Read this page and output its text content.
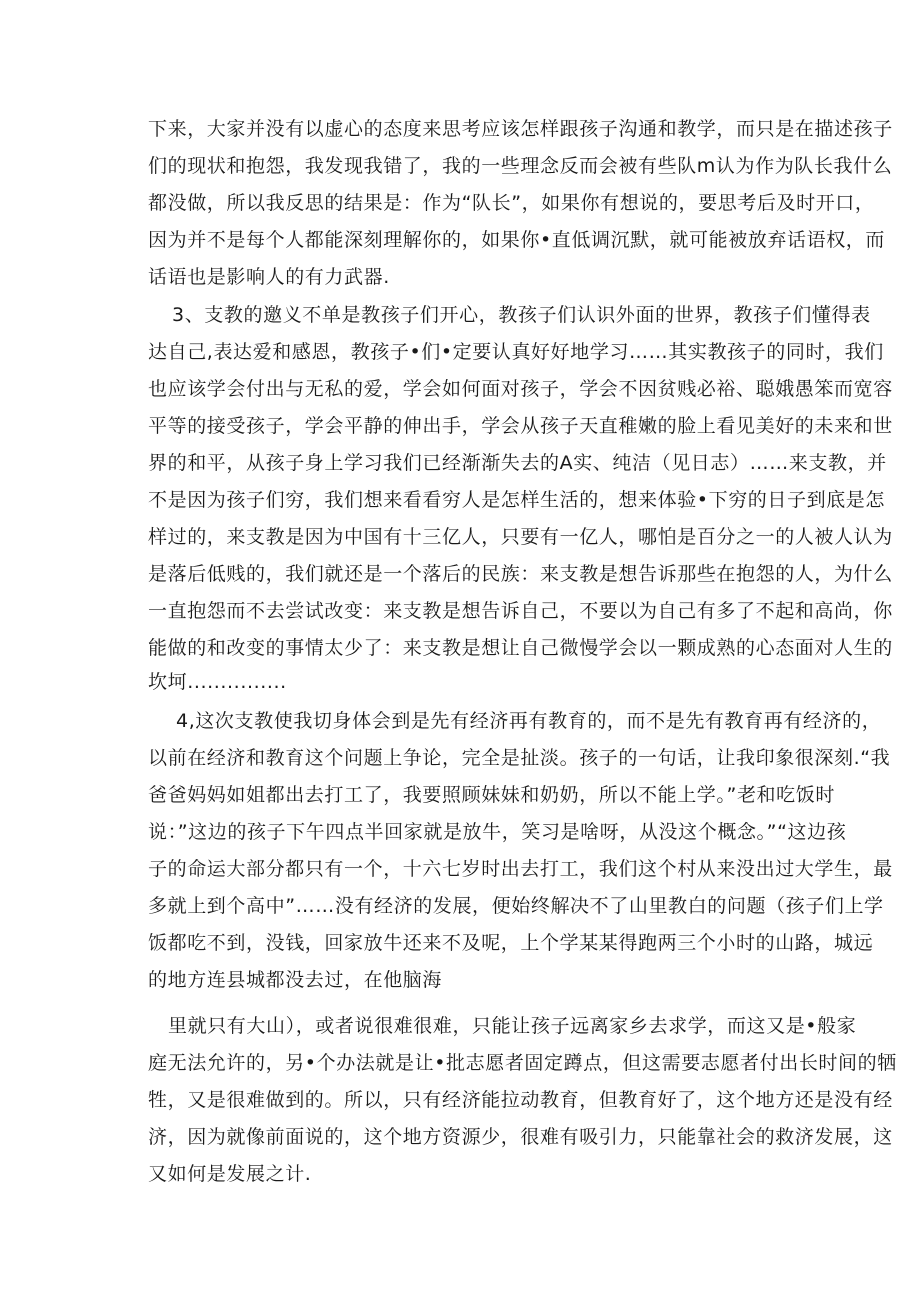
下来，大家并没有以虚心的态度来思考应该怎样跟孩子沟通和教学，而只是在描述孩子
们的现状和抱怨，我发现我错了，我的一些理念反而会被有些队m认为作为队长我什么
都没做，所以我反思的结果是：作为“队长”，如果你有想说的，要思考后及时开口，
因为并不是每个人都能深刻理解你的，如果你•直低调沉默，就可能被放弃话语权，而
话语也是影响人的有力武器.
3、支教的邀义不单是教孩子们开心，教孩子们认识外面的世界，教孩子们懂得表
达自己,表达爱和感恩，教孩子•们•定要认真好好地学习……其实教孩子的同时，我们
也应该学会付出与无私的爱，学会如何面对孩子，学会不因贫贱必裕、聪娥愚笨而宽容
平等的接受孩子，学会平静的伸出手，学会从孩子天直稚嫩的脸上看见美好的未来和世
界的和平，从孩子身上学习我们已经渐渐失去的A实、纯洁（见日志）……来支教，并
不是因为孩子们穷，我们想来看看穷人是怎样生活的，想来体验•下穷的日子到底是怎
样过的，来支教是因为中国有十三亿人，只要有一亿人，哪怕是百分之一的人被人认为
是落后低贱的，我们就还是一个落后的民族：来支教是想告诉那些在抱怨的人，为什么
一直抱怨而不去尝试改变：来支教是想告诉自己，不要以为自己有多了不起和高尚，你
能做的和改变的事情太少了：来支教是想让自己微慢学会以一颗成熟的心态面对人生的
坎坷...............
4,这次支教使我切身体会到是先有经济再有教育的，而不是先有教育再有经济的，
以前在经济和教育这个问题上争论，完全是扯淡。孩子的一句话，让我印象很深刻.“我
爸爸妈妈如姐都出去打工了，我要照顾妹妹和奶奶，所以不能上学。”老和吃饭时
说：”这边的孩子下午四点半回家就是放牛，笑习是啥呀，从没这个概念。”“这边孩
子的命运大部分都只有一个，十六七岁时出去打工，我们这个村从来没出过大学生，最
多就上到个高中”……没有经济的发展，便始终解决不了山里教白的问题（孩子们上学
饭都吃不到，没钱，回家放牛还来不及呢，上个学某某得跑两三个小时的山路，城远
的地方连县城都没去过，在他脑海
里就只有大山），或者说很难很难，只能让孩子远离家乡去求学，而这又是•般家
庭无法允许的，另•个办法就是让•批志愿者固定蹲点，但这需要志愿者付出长时间的牺
牲，又是很难做到的。所以，只有经济能拉动教育，但教育好了，这个地方还是没有经
济，因为就像前面说的，这个地方资源少，很难有吸引力，只能靠社会的救济发展，这
又如何是发展之计.
